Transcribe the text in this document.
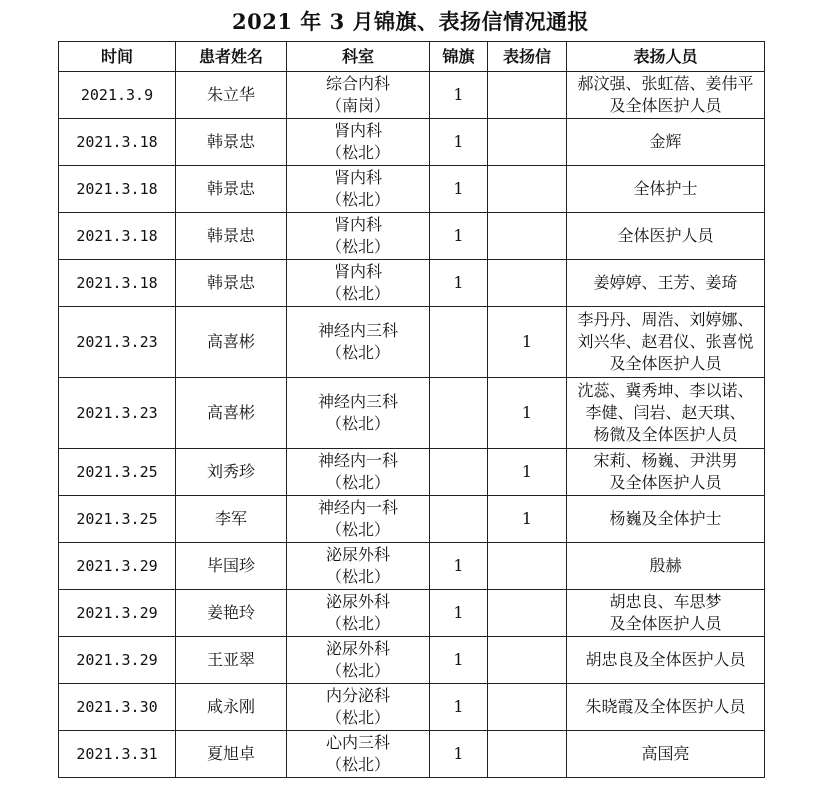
2021 年 3 月锦旗、表扬信情况通报
时间	患者姓名	科室	锦旗	表扬信	表扬人员
2021.3.9	朱立华	综合内科
（南岗）	1		郝汶强、张虹蓓、姜伟平
及全体医护人员

2021.3.18	韩景忠	肾内科
（松北）	1		金辉

2021.3.18	韩景忠	肾内科
（松北）	1		全体护士

2021.3.18	韩景忠	肾内科
（松北）	1		全体医护人员

2021.3.18	韩景忠	肾内科
（松北）	1		姜婷婷、王芳、姜琦

2021.3.23	高喜彬	神经内三科
（松北）		1	李丹丹、周浩、刘婷娜、
刘兴华、赵君仪、张喜悦
及全体医护人员

2021.3.23	高喜彬	神经内三科
（松北）		1	沈蕊、冀秀坤、李以诺、
李健、闫岩、赵天琪、
杨微及全体医护人员

2021.3.25	刘秀珍	神经内一科
（松北）		1	宋莉、杨巍、尹洪男
及全体医护人员

2021.3.25	李军	神经内一科
（松北）		1	杨巍及全体护士

2021.3.29	毕国珍	泌尿外科
（松北）	1		殷赫

2021.3.29	姜艳玲	泌尿外科
（松北）	1		胡忠良、车思梦
及全体医护人员

2021.3.29	王亚翠	泌尿外科
（松北）	1		胡忠良及全体医护人员

2021.3.30	咸永刚	内分泌科
（松北）	1		朱晓霞及全体医护人员

2021.3.31	夏旭卓	心内三科
（松北）	1		高国亮
